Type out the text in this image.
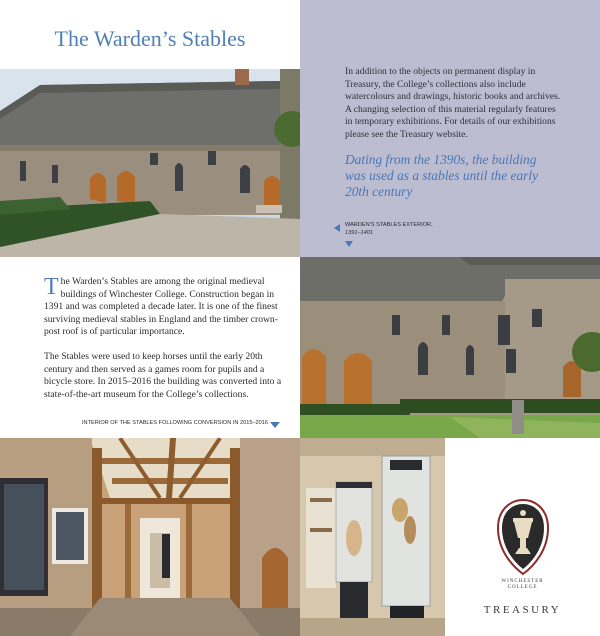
The Warden’s Stables

In addition to the objects on permanent display in Treasury, the College’s collections also include watercolours and drawings, historic books and archives. A changing selection of this material regularly features in temporary exhibitions. For details of our exhibitions please see the Treasury website.

Dating from the 1390s, the building was used as a stables until the early 20th century

WARDEN’S STABLES EXTERIOR,
1391–1401

The Warden’s Stables are among the original medieval buildings of Winchester College. Construction began in 1391 and was completed a decade later. It is one of the finest surviving medieval stables in England and the timber crown-post roof is of particular importance.

The Stables were used to keep horses until the early 20th century and then served as a games room for pupils and a bicycle store. In 2015–2016 the building was converted into a state-of-the-art museum for the College’s collections.

INTERIOR OF THE STABLES FOLLOWING CONVERSION IN 2015–2016
WINCHESTER
COLLEGE
TREASURY
